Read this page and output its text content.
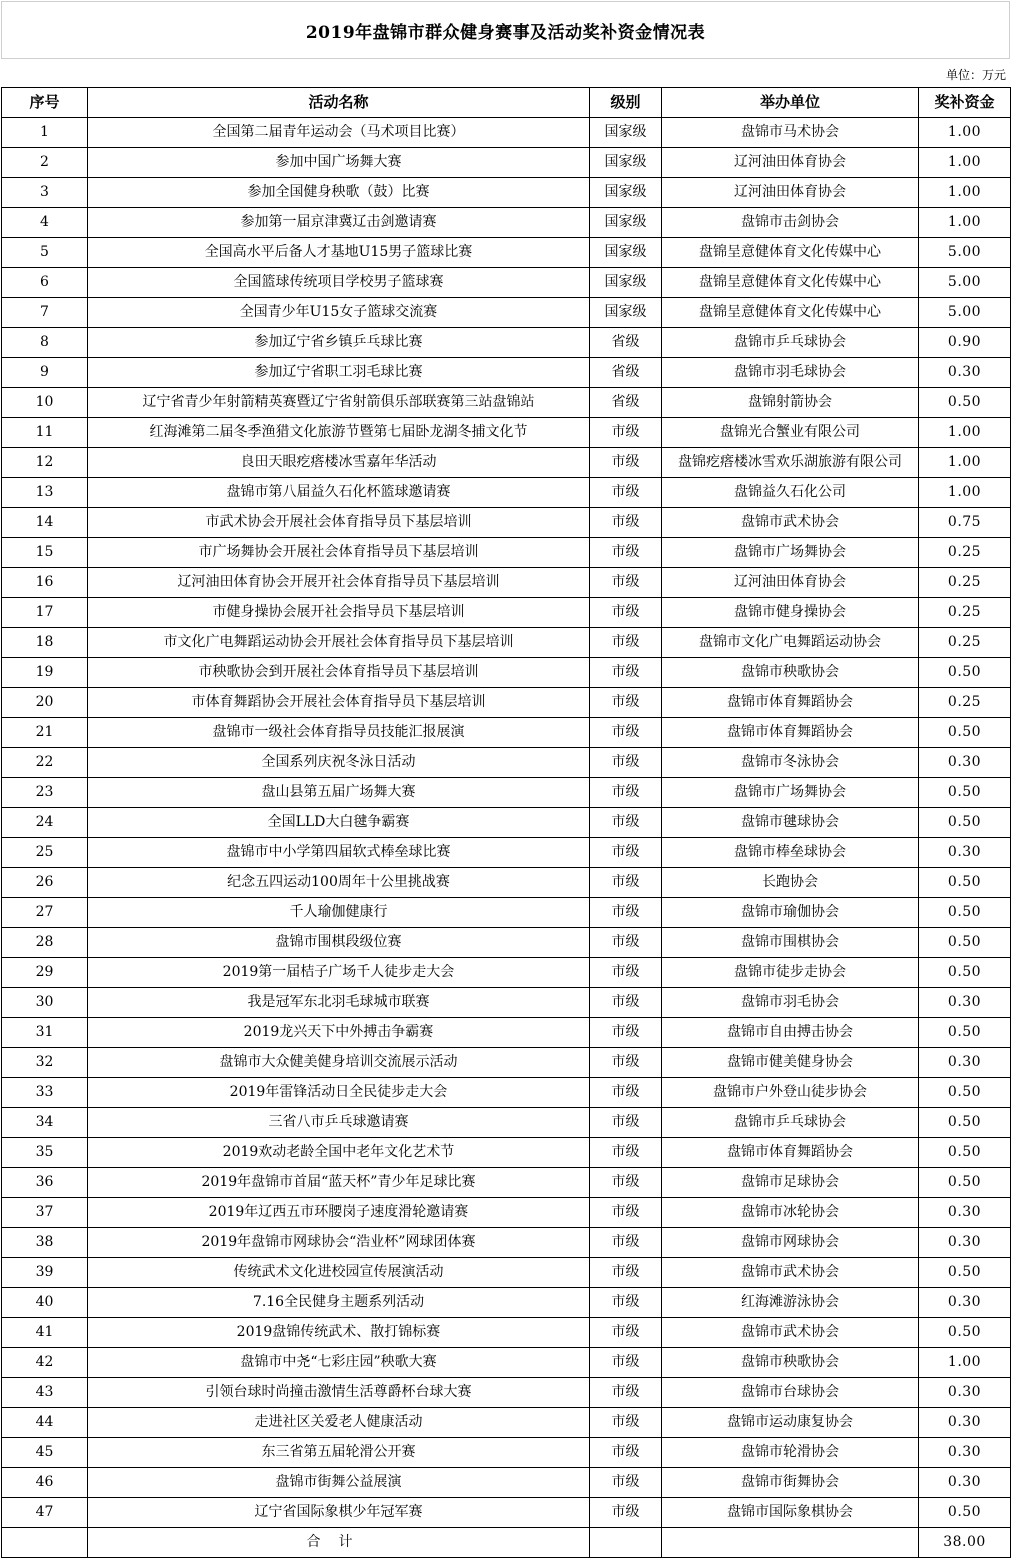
2019年盘锦市群众健身赛事及活动奖补资金情况表
单位：万元
序号	活动名称	级别	举办单位	奖补资金
1	全国第二届青年运动会（马术项目比赛）	国家级	盘锦市马术协会	1.00
2	参加中国广场舞大赛	国家级	辽河油田体育协会	1.00
3	参加全国健身秧歌（鼓）比赛	国家级	辽河油田体育协会	1.00
4	参加第一届京津冀辽击剑邀请赛	国家级	盘锦市击剑协会	1.00
5	全国高水平后备人才基地U15男子篮球比赛	国家级	盘锦呈意健体育文化传媒中心	5.00
6	全国篮球传统项目学校男子篮球赛	国家级	盘锦呈意健体育文化传媒中心	5.00
7	全国青少年U15女子篮球交流赛	国家级	盘锦呈意健体育文化传媒中心	5.00
8	参加辽宁省乡镇乒乓球比赛	省级	盘锦市乒乓球协会	0.90
9	参加辽宁省职工羽毛球比赛	省级	盘锦市羽毛球协会	0.30
10	辽宁省青少年射箭精英赛暨辽宁省射箭俱乐部联赛第三站盘锦站	省级	盘锦射箭协会	0.50
11	红海滩第二届冬季渔猎文化旅游节暨第七届卧龙湖冬捕文化节	市级	盘锦光合蟹业有限公司	1.00
12	良田天眼疙瘩楼冰雪嘉年华活动	市级	盘锦疙瘩楼冰雪欢乐湖旅游有限公司	1.00
13	盘锦市第八届益久石化杯篮球邀请赛	市级	盘锦益久石化公司	1.00
14	市武术协会开展社会体育指导员下基层培训	市级	盘锦市武术协会	0.75
15	市广场舞协会开展社会体育指导员下基层培训	市级	盘锦市广场舞协会	0.25
16	辽河油田体育协会开展开社会体育指导员下基层培训	市级	辽河油田体育协会	0.25
17	市健身操协会展开社会指导员下基层培训	市级	盘锦市健身操协会	0.25
18	市文化广电舞蹈运动协会开展社会体育指导员下基层培训	市级	盘锦市文化广电舞蹈运动协会	0.25
19	市秧歌协会到开展社会体育指导员下基层培训	市级	盘锦市秧歌协会	0.50
20	市体育舞蹈协会开展社会体育指导员下基层培训	市级	盘锦市体育舞蹈协会	0.25
21	盘锦市一级社会体育指导员技能汇报展演	市级	盘锦市体育舞蹈协会	0.50
22	全国系列庆祝冬泳日活动	市级	盘锦市冬泳协会	0.30
23	盘山县第五届广场舞大赛	市级	盘锦市广场舞协会	0.50
24	全国LLD大白毽争霸赛	市级	盘锦市毽球协会	0.50
25	盘锦市中小学第四届软式棒垒球比赛	市级	盘锦市棒垒球协会	0.30
26	纪念五四运动100周年十公里挑战赛	市级	长跑协会	0.50
27	千人瑜伽健康行	市级	盘锦市瑜伽协会	0.50
28	盘锦市围棋段级位赛	市级	盘锦市围棋协会	0.50
29	2019第一届桔子广场千人徒步走大会	市级	盘锦市徒步走协会	0.50
30	我是冠军东北羽毛球城市联赛	市级	盘锦市羽毛协会	0.30
31	2019龙兴天下中外搏击争霸赛	市级	盘锦市自由搏击协会	0.50
32	盘锦市大众健美健身培训交流展示活动	市级	盘锦市健美健身协会	0.30
33	2019年雷锋活动日全民徒步走大会	市级	盘锦市户外登山徒步协会	0.50
34	三省八市乒乓球邀请赛	市级	盘锦市乒乓球协会	0.50
35	2019欢动老龄全国中老年文化艺术节	市级	盘锦市体育舞蹈协会	0.50
36	2019年盘锦市首届“蓝天杯”青少年足球比赛	市级	盘锦市足球协会	0.50
37	2019年辽西五市环腰岗子速度滑轮邀请赛	市级	盘锦市冰轮协会	0.30
38	2019年盘锦市网球协会“浩业杯”网球团体赛	市级	盘锦市网球协会	0.30
39	传统武术文化进校园宣传展演活动	市级	盘锦市武术协会	0.50
40	7.16全民健身主题系列活动	市级	红海滩游泳协会	0.30
41	2019盘锦传统武术、散打锦标赛	市级	盘锦市武术协会	0.50
42	盘锦市中尧“七彩庄园”秧歌大赛	市级	盘锦市秧歌协会	1.00
43	引领台球时尚撞击激情生活尊爵杯台球大赛	市级	盘锦市台球协会	0.30
44	走进社区关爱老人健康活动	市级	盘锦市运动康复协会	0.30
45	东三省第五届轮滑公开赛	市级	盘锦市轮滑协会	0.30
46	盘锦市街舞公益展演	市级	盘锦市街舞协会	0.30
47	辽宁省国际象棋少年冠军赛	市级	盘锦市国际象棋协会	0.50
	合计			38.00
